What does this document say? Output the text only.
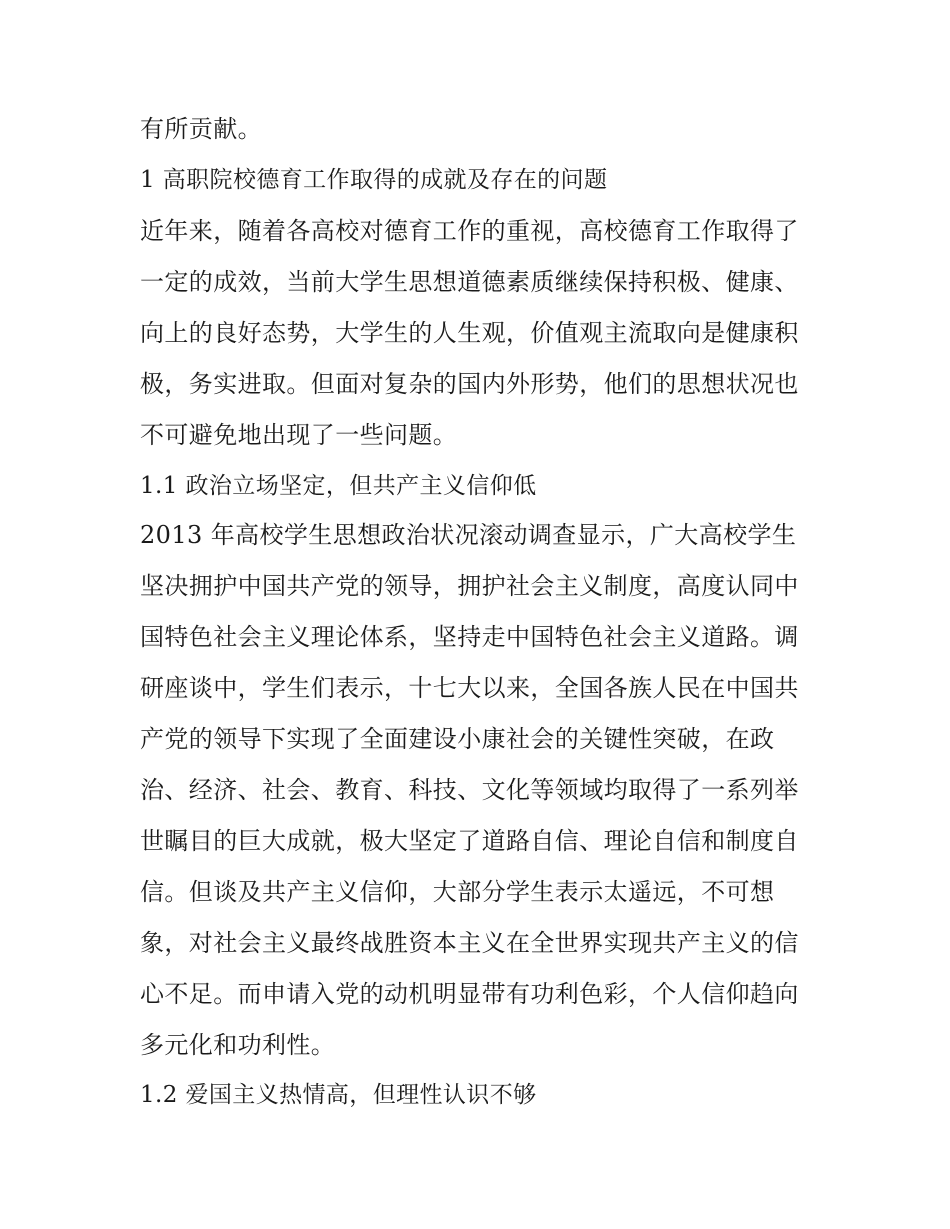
有所贡献。
1 高职院校德育工作取得的成就及存在的问题
近年来，随着各高校对德育工作的重视，高校德育工作取得了
一定的成效，当前大学生思想道德素质继续保持积极、健康、
向上的良好态势，大学生的人生观，价值观主流取向是健康积
极，务实进取。但面对复杂的国内外形势，他们的思想状况也
不可避免地出现了一些问题。
1.1 政治立场坚定，但共产主义信仰低
2013 年高校学生思想政治状况滚动调查显示，广大高校学生
坚决拥护中国共产党的领导，拥护社会主义制度，高度认同中
国特色社会主义理论体系，坚持走中国特色社会主义道路。调
研座谈中，学生们表示，十七大以来，全国各族人民在中国共
产党的领导下实现了全面建设小康社会的关键性突破，在政
治、经济、社会、教育、科技、文化等领域均取得了一系列举
世瞩目的巨大成就，极大坚定了道路自信、理论自信和制度自
信。但谈及共产主义信仰，大部分学生表示太遥远，不可想
象，对社会主义最终战胜资本主义在全世界实现共产主义的信
心不足。而申请入党的动机明显带有功利色彩，个人信仰趋向
多元化和功利性。
1.2 爱国主义热情高，但理性认识不够
